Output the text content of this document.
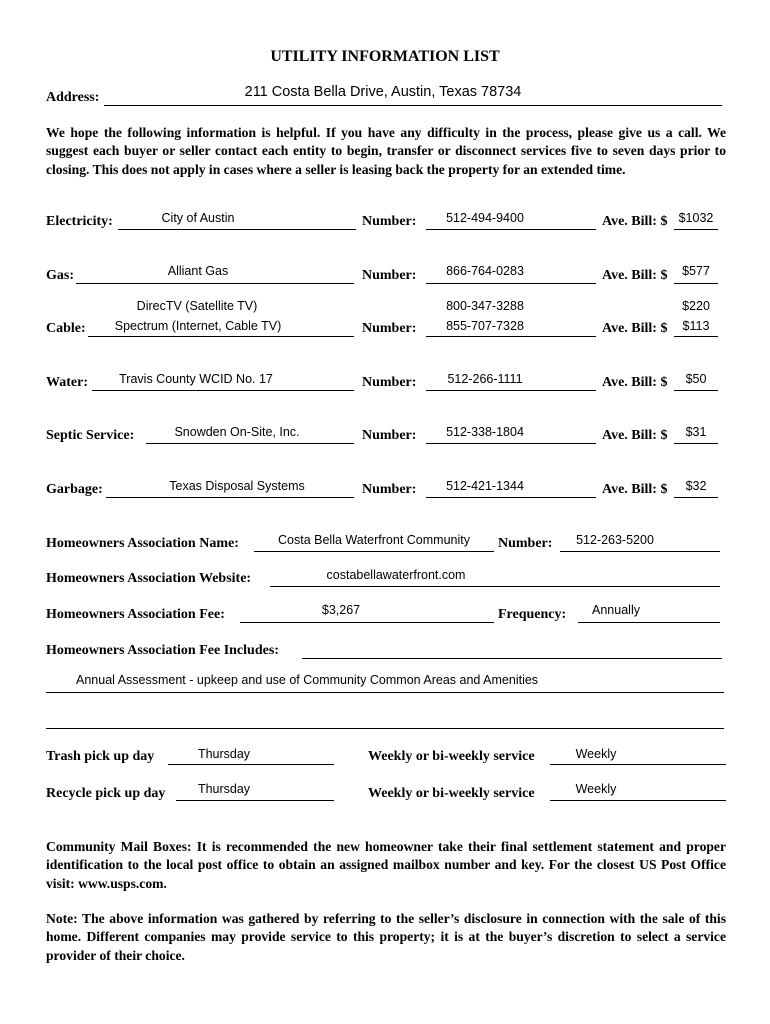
UTILITY INFORMATION LIST
Address:	211 Costa Bella Drive, Austin, Texas 78734
We hope the following information is helpful. If you have any difficulty in the process, please give us a call. We suggest each buyer or seller contact each entity to begin, transfer or disconnect services five to seven days prior to closing. This does not apply in cases where a seller is leasing back the property for an extended time.
Electricity:	City of Austin	Number:	512-494-9400	Ave. Bill: $ $1032
Gas:	Alliant Gas	Number:	866-764-0283	Ave. Bill: $	$577
DirecTV (Satellite TV)	800-347-3288	$220
Cable:	Spectrum (Internet, Cable TV)	Number:	855-707-7328	Ave. Bill: $	$113
Water:	Travis County WCID No. 17	Number:	512-266-1111	Ave. Bill: $	$50
Septic Service:	Snowden On-Site, Inc.	Number:	512-338-1804	Ave. Bill: $	$31
Garbage:	Texas Disposal Systems	Number:	512-421-1344	Ave. Bill: $	$32
Homeowners Association Name:	Costa Bella Waterfront Community	Number:	512-263-5200
Homeowners Association Website:	costabellawaterfront.com
Homeowners Association Fee:	$3,267	Frequency:	Annually
Homeowners Association Fee Includes:
Annual Assessment - upkeep and use of Community Common Areas and Amenities
Trash pick up day	Thursday	Weekly or bi-weekly service	Weekly
Recycle pick up day	Thursday	Weekly or bi-weekly service	Weekly
Community Mail Boxes: It is recommended the new homeowner take their final settlement statement and proper identification to the local post office to obtain an assigned mailbox number and key. For the closest US Post Office visit: www.usps.com.
Note: The above information was gathered by referring to the seller’s disclosure in connection with the sale of this home. Different companies may provide service to this property; it is at the buyer’s discretion to select a service provider of their choice.
